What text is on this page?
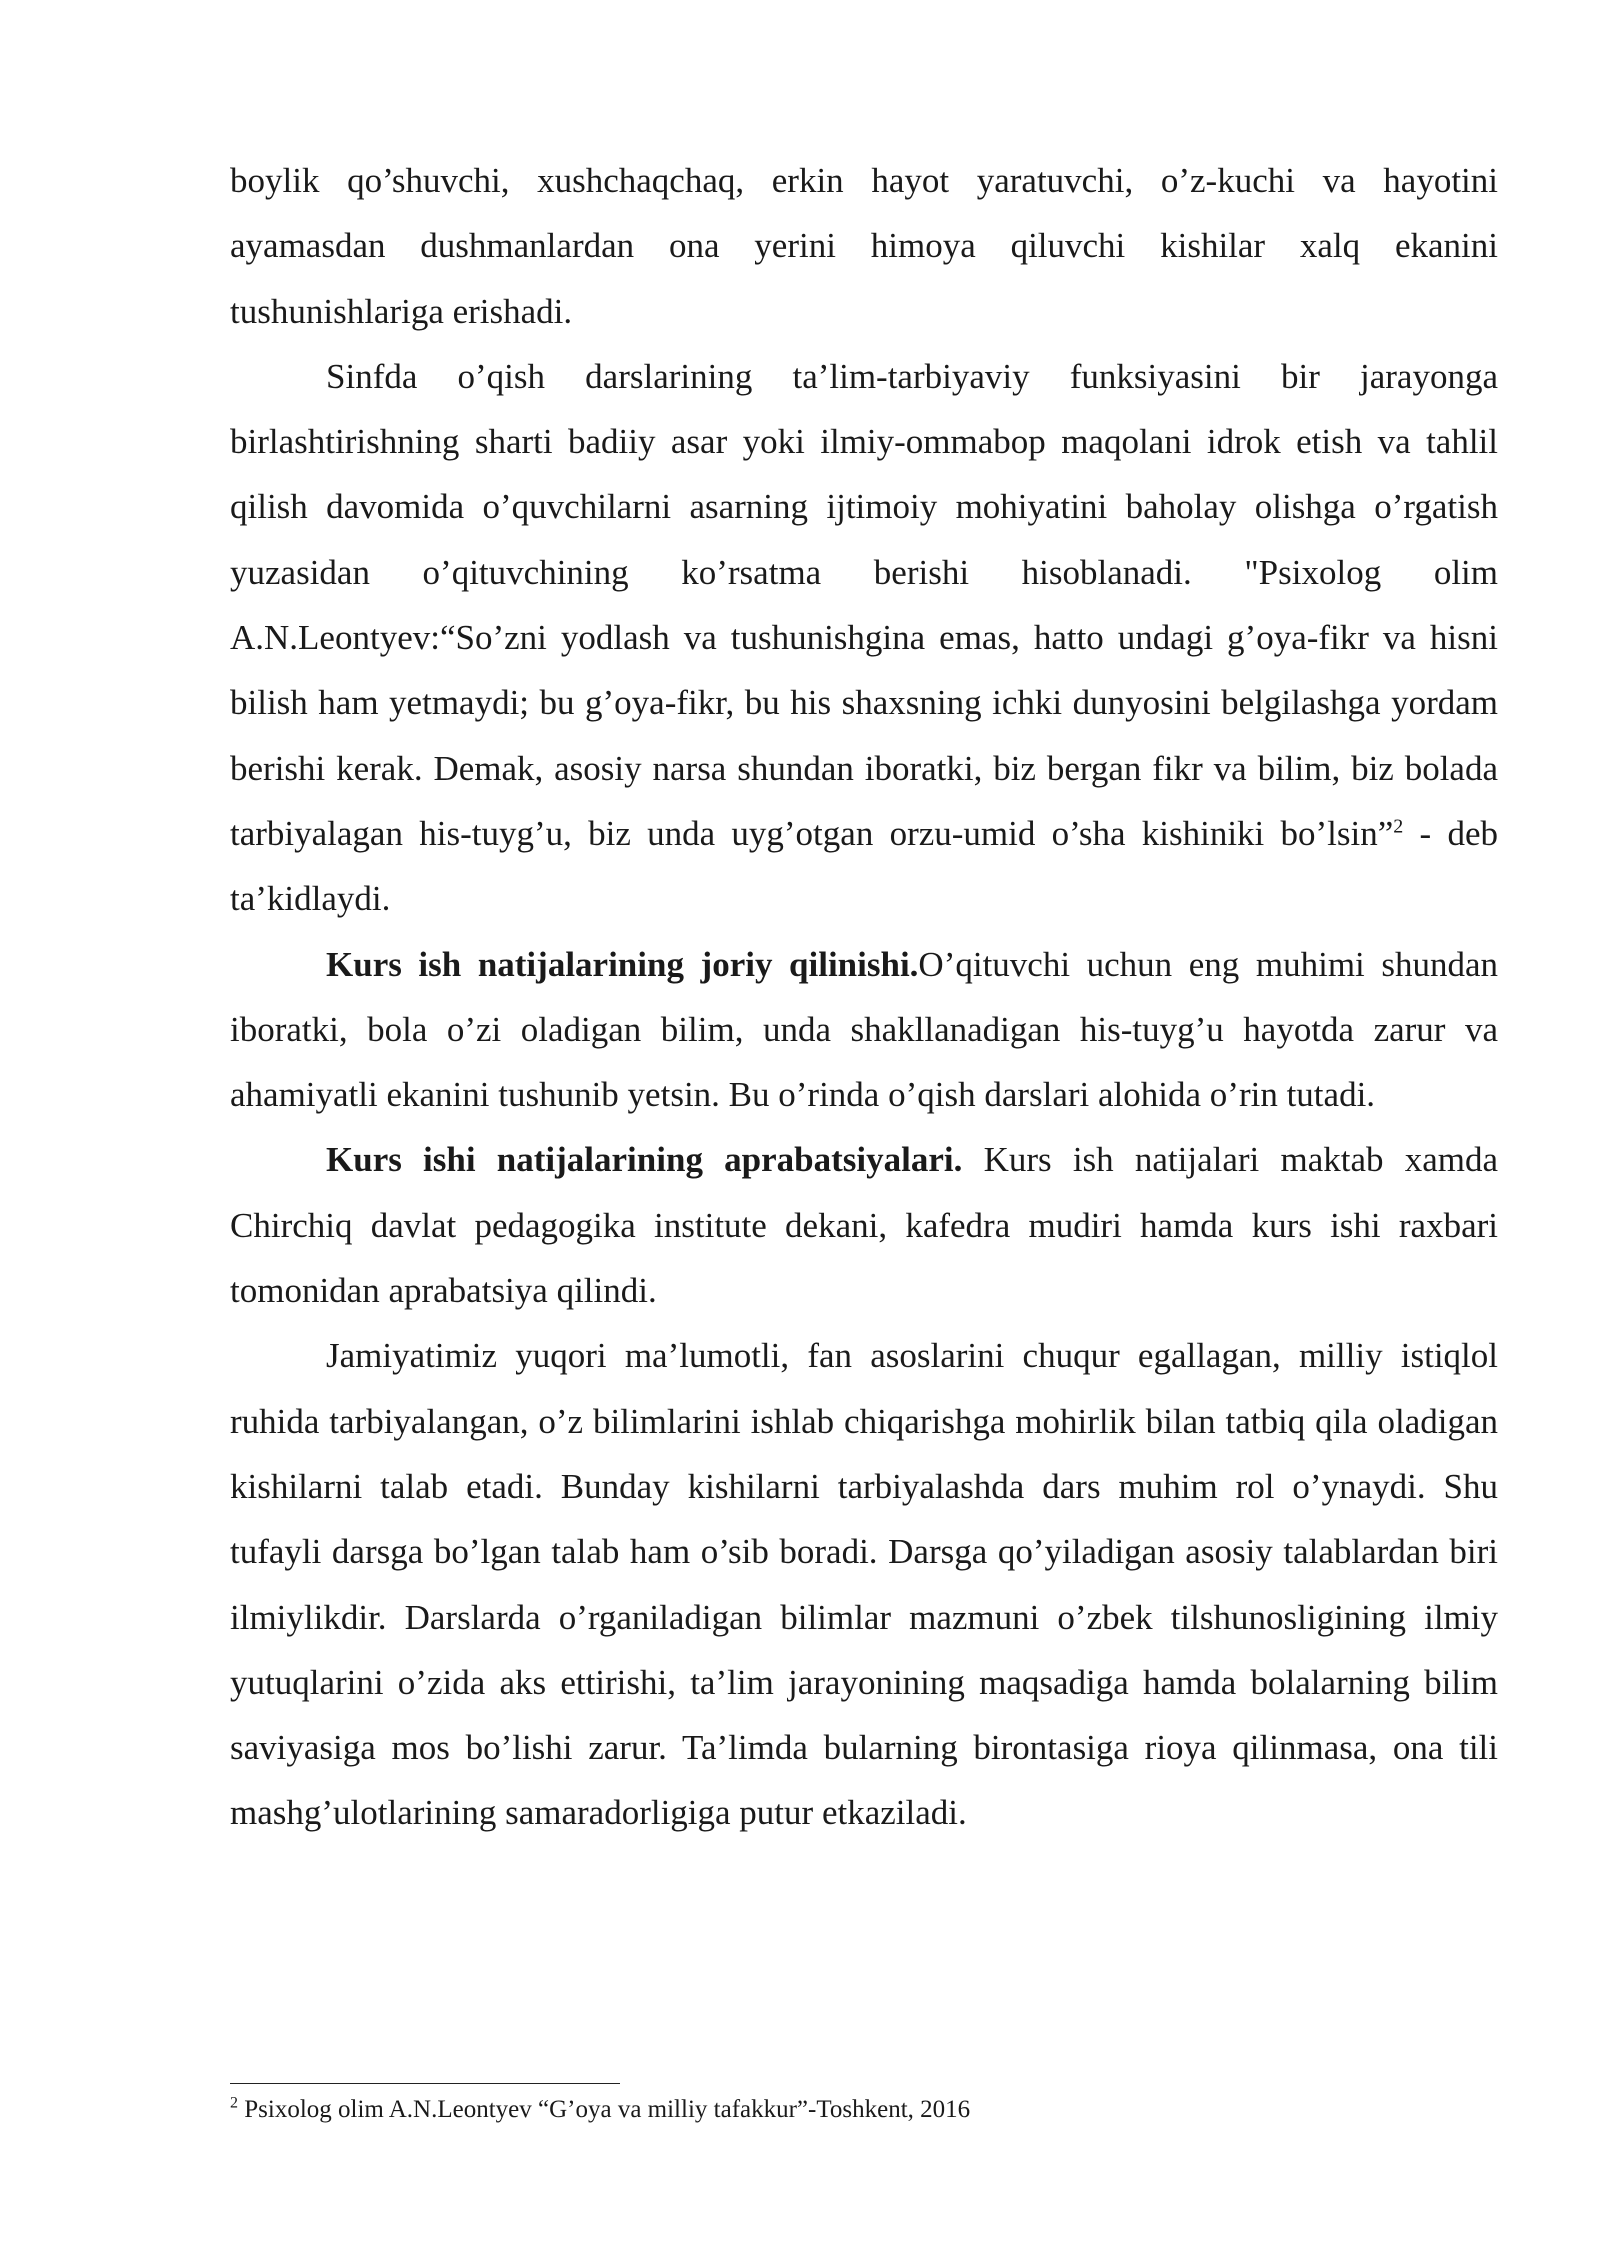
boylik qo’shuvchi, xushchaqchaq, erkin hayot yaratuvchi, o’z-kuchi va hayotini ayamasdan dushmanlardan ona yerini himoya qiluvchi kishilar xalq ekanini tushunishlariga erishadi.

Sinfda o’qish darslarining ta’lim-tarbiyaviy funksiyasini bir jarayonga birlashtirishning sharti badiiy asar yoki ilmiy-ommabop maqolani idrok etish va tahlil qilish davomida o’quvchilarni asarning ijtimoiy mohiyatini baholay olishga o’rgatish yuzasidan o’qituvchining ko’rsatma berishi hisoblanadi. "Psixolog olim A.N.Leontyev:“So’zni yodlash va tushunishgina emas, hatto undagi g’oya-fikr va hisni bilish ham yetmaydi; bu g’oya-fikr, bu his shaxsning ichki dunyosini belgilashga yordam berishi kerak. Demak, asosiy narsa shundan iboratki, biz bergan fikr va bilim, biz bolada tarbiyalagan his-tuyg’u, biz unda uyg’otgan orzu-umid o’sha kishiniki bo’lsin”$^2$ - deb ta’kidlaydi.

Kurs ish natijalarining joriy qilinishi.O’qituvchi uchun eng muhimi shundan iboratki, bola o’zi oladigan bilim, unda shakllanadigan his-tuyg’u hayotda zarur va ahamiyatli ekanini tushunib yetsin. Bu o’rinda o’qish darslari alohida o’rin tutadi.

Kurs ishi natijalarining aprabatsiyalari. Kurs ish natijalari maktab xamda Chirchiq davlat pedagogika institute dekani, kafedra mudiri hamda kurs ishi raxbari tomonidan aprabatsiya qilindi.

Jamiyatimiz yuqori ma’lumotli, fan asoslarini chuqur egallagan, milliy istiqlol ruhida tarbiyalangan, o’z bilimlarini ishlab chiqarishga mohirlik bilan tatbiq qila oladigan kishilarni talab etadi. Bunday kishilarni tarbiyalashda dars muhim rol o’ynaydi. Shu tufayli darsga bo’lgan talab ham o’sib boradi. Darsga qo’yiladigan asosiy talablardan biri ilmiylikdir. Darslarda o’rganiladigan bilimlar mazmuni o’zbek tilshunosligining ilmiy yutuqlarini o’zida aks ettirishi, ta’lim jarayonining maqsadiga hamda bolalarning bilim saviyasiga mos bo’lishi zarur. Ta’limda bularning birontasiga rioya qilinmasa, ona tili mashg’ulotlarining samaradorligiga putur etkaziladi.

$^2$ Psixolog olim A.N.Leontyev “G’oya va milliy tafakkur”-Toshkent, 2016
